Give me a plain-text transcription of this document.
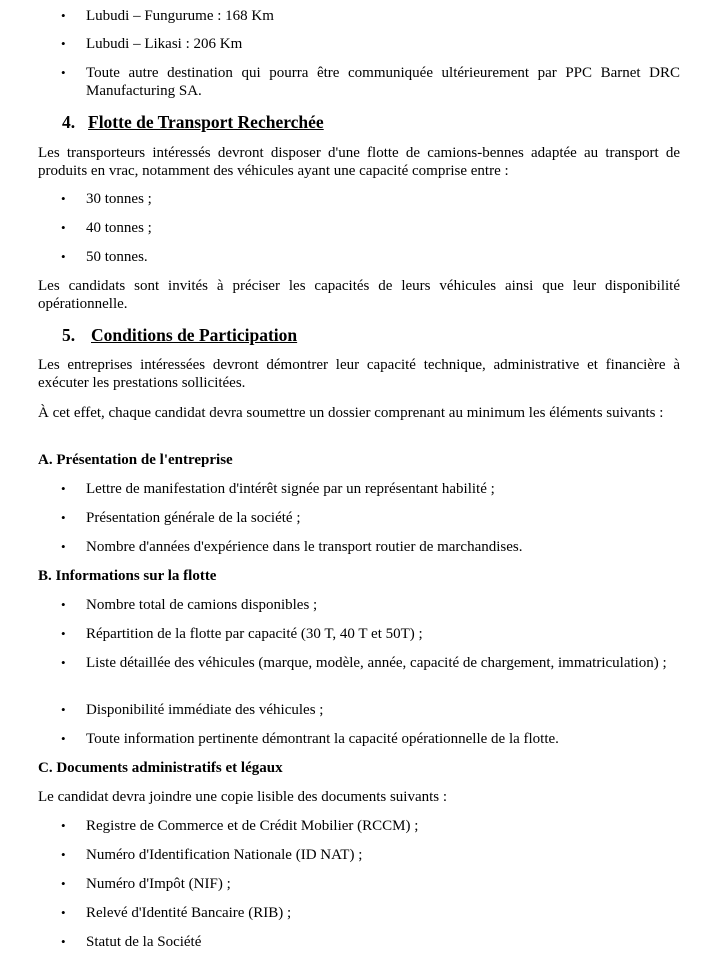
• Lubudi – Fungurume : 168 Km
• Lubudi – Likasi : 206 Km
• Toute autre destination qui pourra être communiquée ultérieurement par PPC Barnet DRC Manufacturing SA.
4. Flotte de Transport Recherchée
Les transporteurs intéressés devront disposer d'une flotte de camions-bennes adaptée au transport de produits en vrac, notamment des véhicules ayant une capacité comprise entre :
• 30 tonnes ;
• 40 tonnes ;
• 50 tonnes.
Les candidats sont invités à préciser les capacités de leurs véhicules ainsi que leur disponibilité opérationnelle.
5. Conditions de Participation
Les entreprises intéressées devront démontrer leur capacité technique, administrative et financière à exécuter les prestations sollicitées.
À cet effet, chaque candidat devra soumettre un dossier comprenant au minimum les éléments suivants :
A. Présentation de l'entreprise
• Lettre de manifestation d'intérêt signée par un représentant habilité ;
• Présentation générale de la société ;
• Nombre d'années d'expérience dans le transport routier de marchandises.
B. Informations sur la flotte
• Nombre total de camions disponibles ;
• Répartition de la flotte par capacité (30 T, 40 T et 50T) ;
• Liste détaillée des véhicules (marque, modèle, année, capacité de chargement, immatriculation) ;
• Disponibilité immédiate des véhicules ;
• Toute information pertinente démontrant la capacité opérationnelle de la flotte.
C. Documents administratifs et légaux
Le candidat devra joindre une copie lisible des documents suivants :
• Registre de Commerce et de Crédit Mobilier (RCCM) ;
• Numéro d'Identification Nationale (ID NAT) ;
• Numéro d'Impôt (NIF) ;
• Relevé d'Identité Bancaire (RIB) ;
• Statut de la Société
